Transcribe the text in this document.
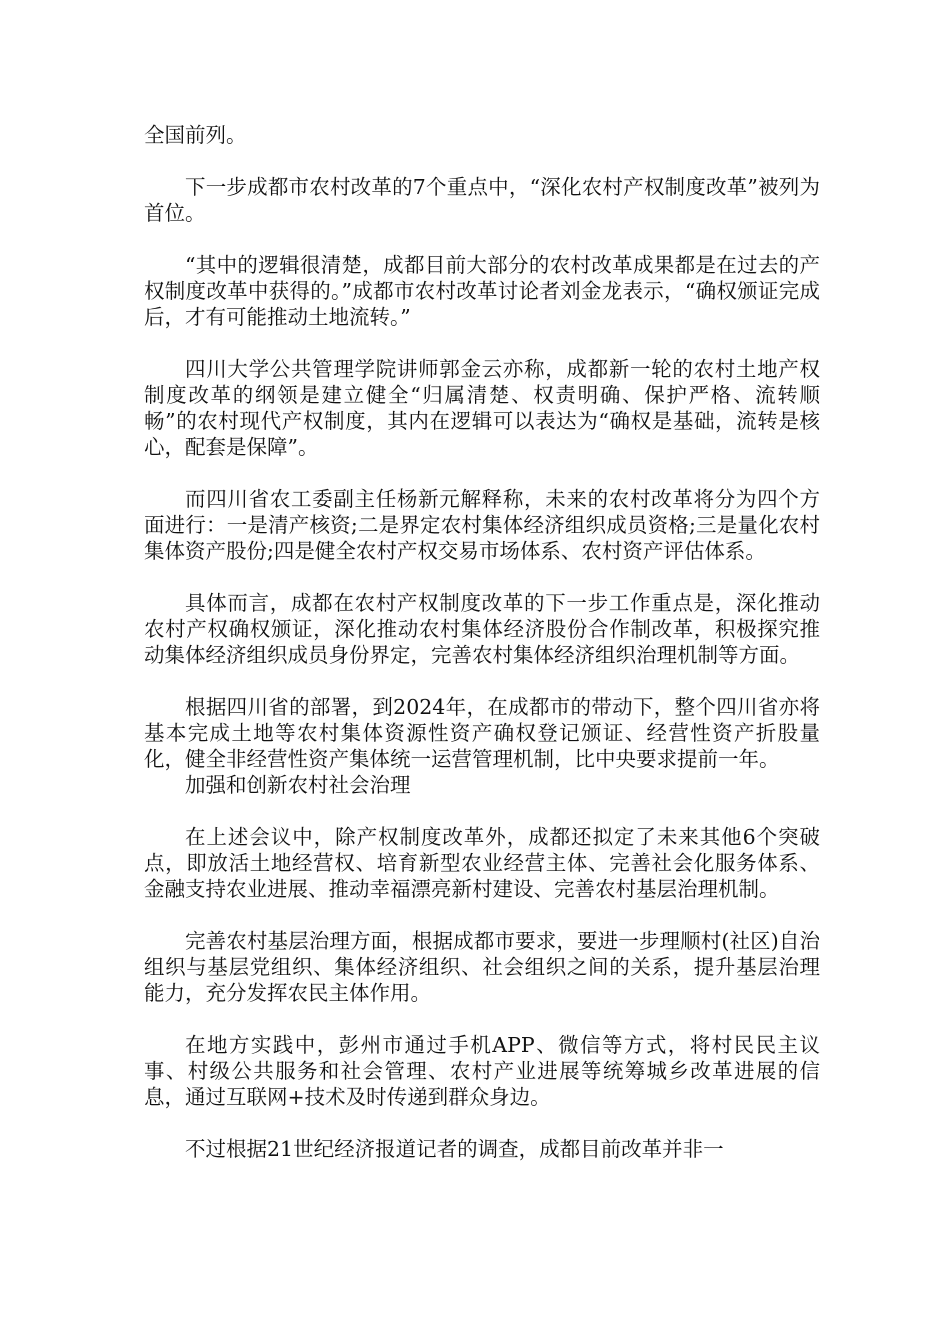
全国前列。

下一步成都市农村改革的7个重点中，“深化农村产权制度改革”被列为首位。

“其中的逻辑很清楚，成都目前大部分的农村改革成果都是在过去的产权制度改革中获得的。”成都市农村改革讨论者刘金龙表示，“确权颁证完成后，才有可能推动土地流转。”

四川大学公共管理学院讲师郭金云亦称，成都新一轮的农村土地产权制度改革的纲领是建立健全“归属清楚、权责明确、保护严格、流转顺畅”的农村现代产权制度，其内在逻辑可以表达为“确权是基础，流转是核心，配套是保障”。

而四川省农工委副主任杨新元解释称，未来的农村改革将分为四个方面进行：一是清产核资;二是界定农村集体经济组织成员资格;三是量化农村集体资产股份;四是健全农村产权交易市场体系、农村资产评估体系。

具体而言，成都在农村产权制度改革的下一步工作重点是，深化推动农村产权确权颁证，深化推动农村集体经济股份合作制改革，积极探究推动集体经济组织成员身份界定，完善农村集体经济组织治理机制等方面。

根据四川省的部署，到2024年，在成都市的带动下，整个四川省亦将基本完成土地等农村集体资源性资产确权登记颁证、经营性资产折股量化，健全非经营性资产集体统一运营管理机制，比中央要求提前一年。

加强和创新农村社会治理

在上述会议中，除产权制度改革外，成都还拟定了未来其他6个突破点，即放活土地经营权、培育新型农业经营主体、完善社会化服务体系、金融支持农业进展、推动幸福漂亮新村建设、完善农村基层治理机制。

完善农村基层治理方面，根据成都市要求，要进一步理顺村(社区)自治组织与基层党组织、集体经济组织、社会组织之间的关系，提升基层治理能力，充分发挥农民主体作用。

在地方实践中，彭州市通过手机APP、微信等方式，将村民民主议事、村级公共服务和社会管理、农村产业进展等统筹城乡改革进展的信息，通过互联网+技术及时传递到群众身边。

不过根据21世纪经济报道记者的调查，成都目前改革并非一
